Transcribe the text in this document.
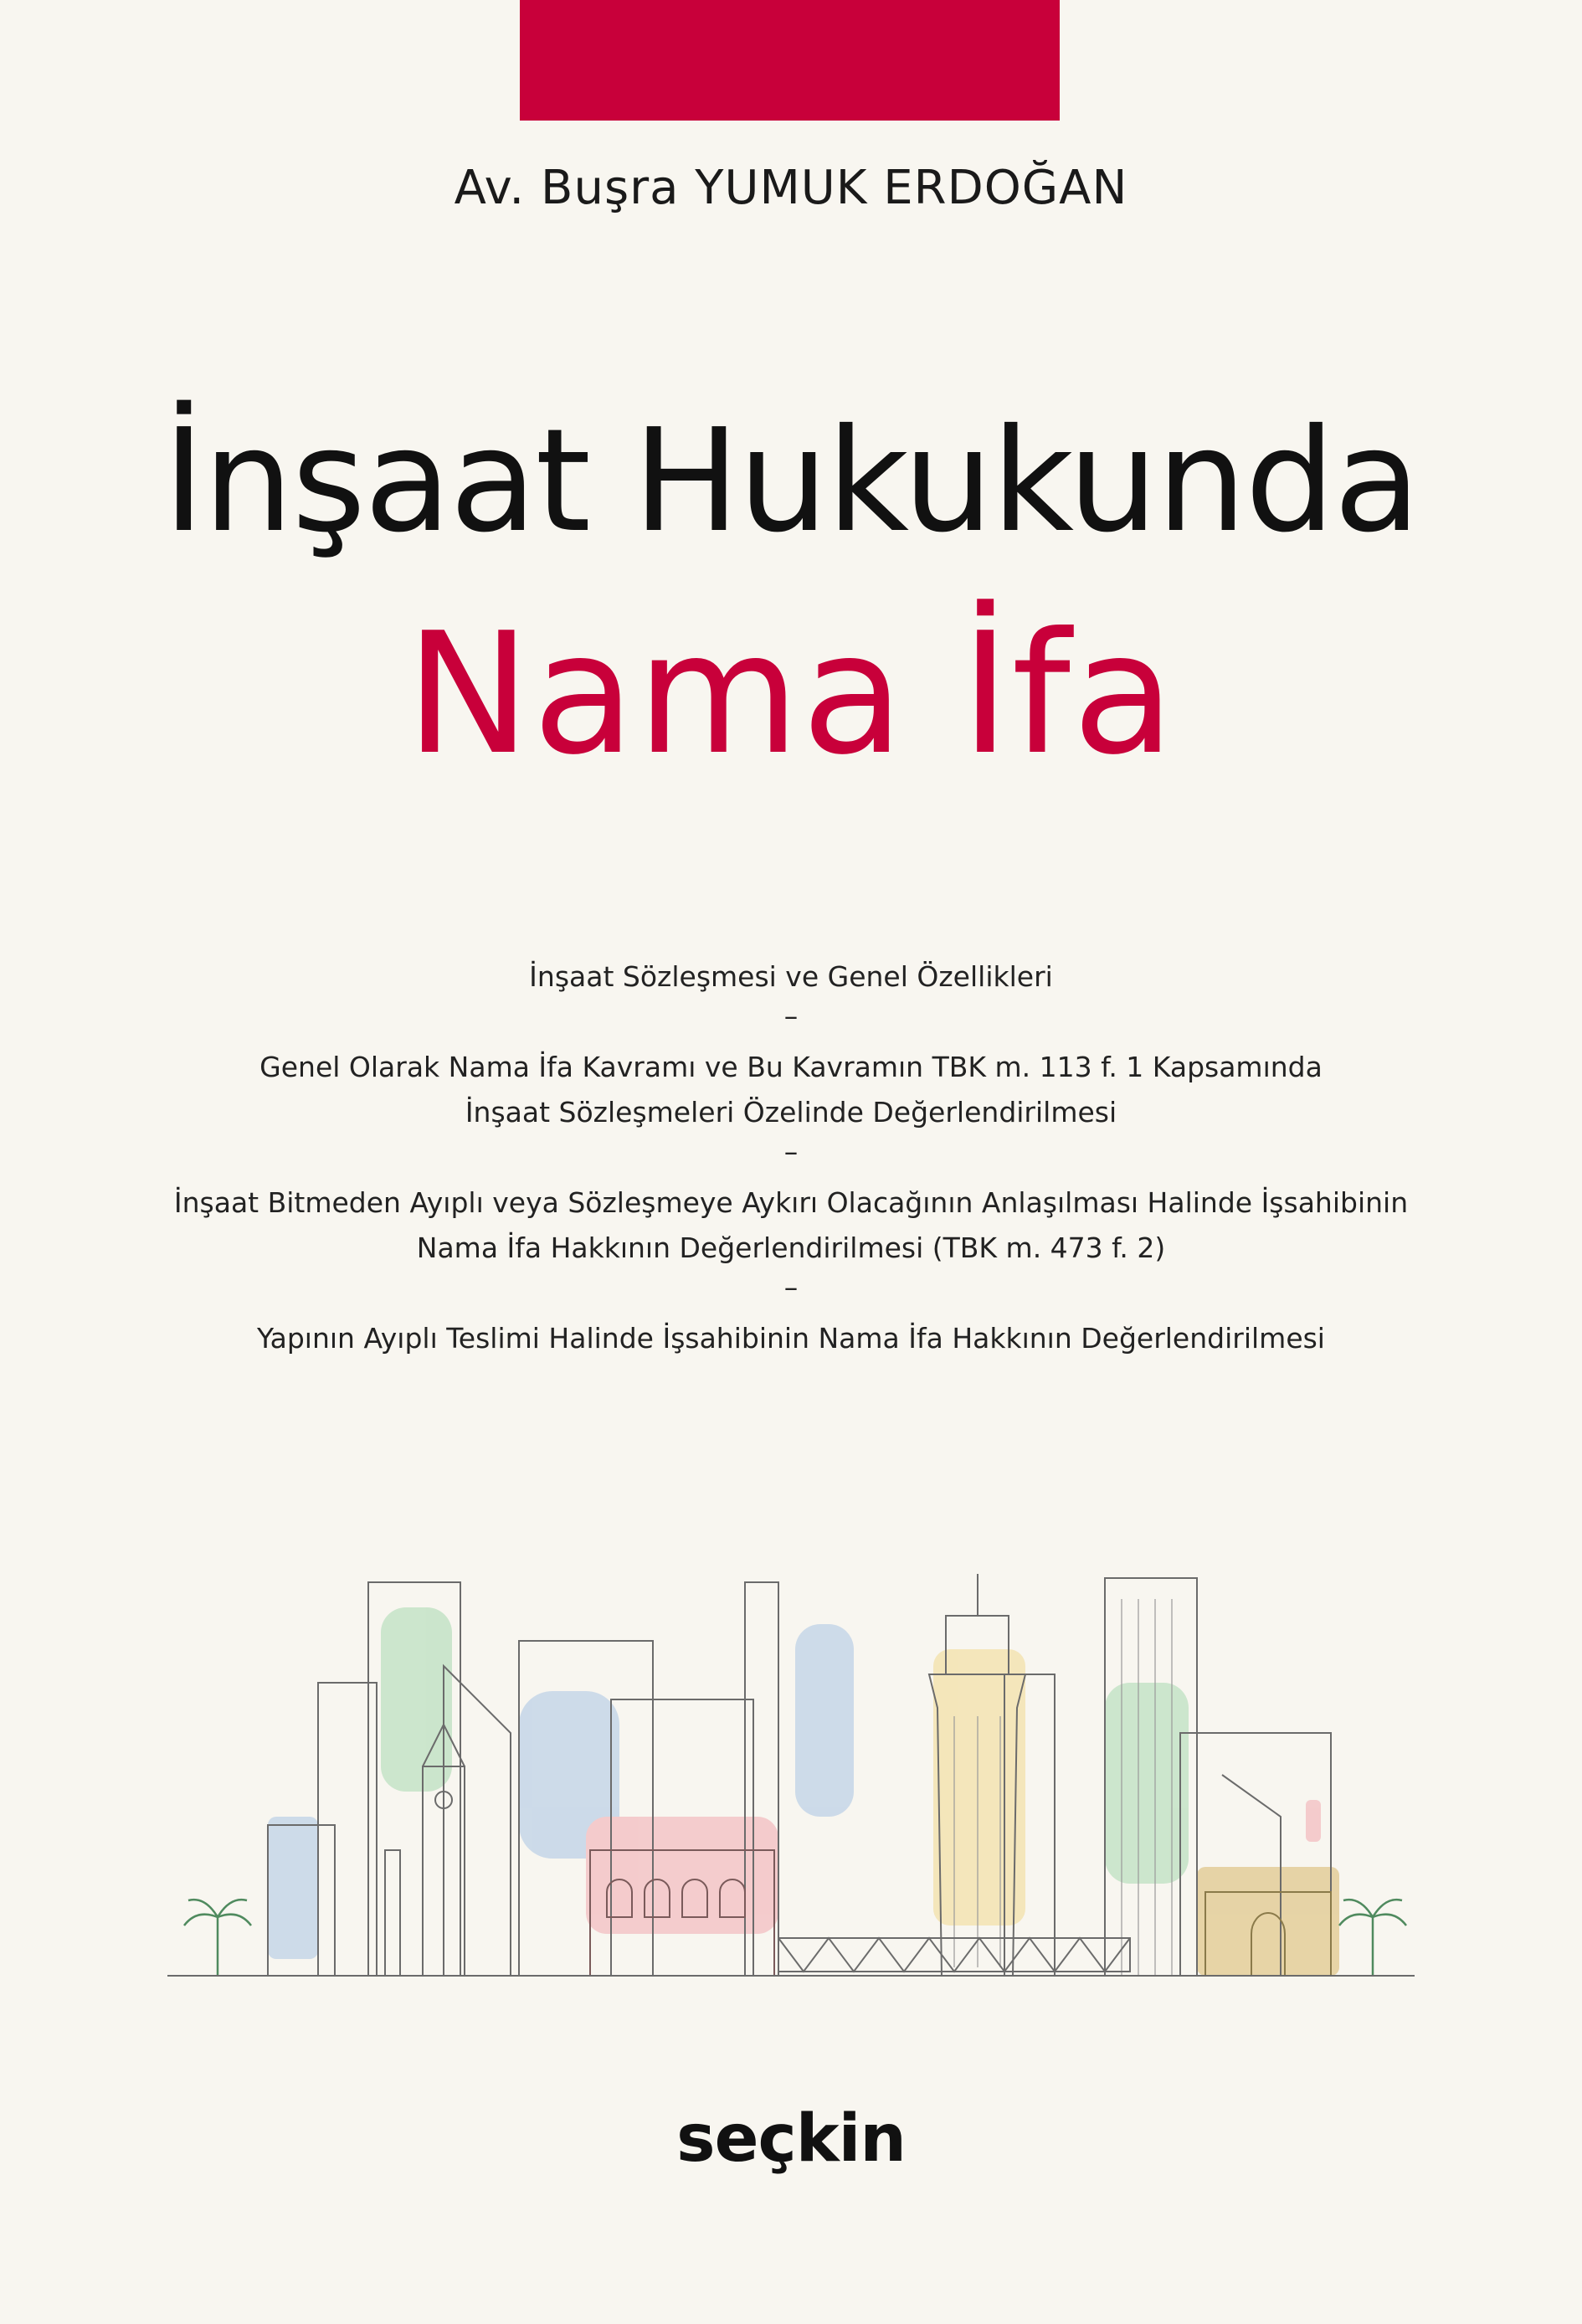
Av. Buşra YUMUK ERDOĞAN
İnşaat Hukukunda
Nama İfa
İnşaat Sözleşmesi ve Genel Özellikleri
–
Genel Olarak Nama İfa Kavramı ve Bu Kavramın TBK m. 113 f. 1 Kapsamında
İnşaat Sözleşmeleri Özelinde Değerlendirilmesi
–
İnşaat Bitmeden Ayıplı veya Sözleşmeye Aykırı Olacağının Anlaşılması Halinde İşsahibinin
Nama İfa Hakkının Değerlendirilmesi (TBK m. 473 f. 2)
–
Yapının Ayıplı Teslimi Halinde İşsahibinin Nama İfa Hakkının Değerlendirilmesi
seçkin
